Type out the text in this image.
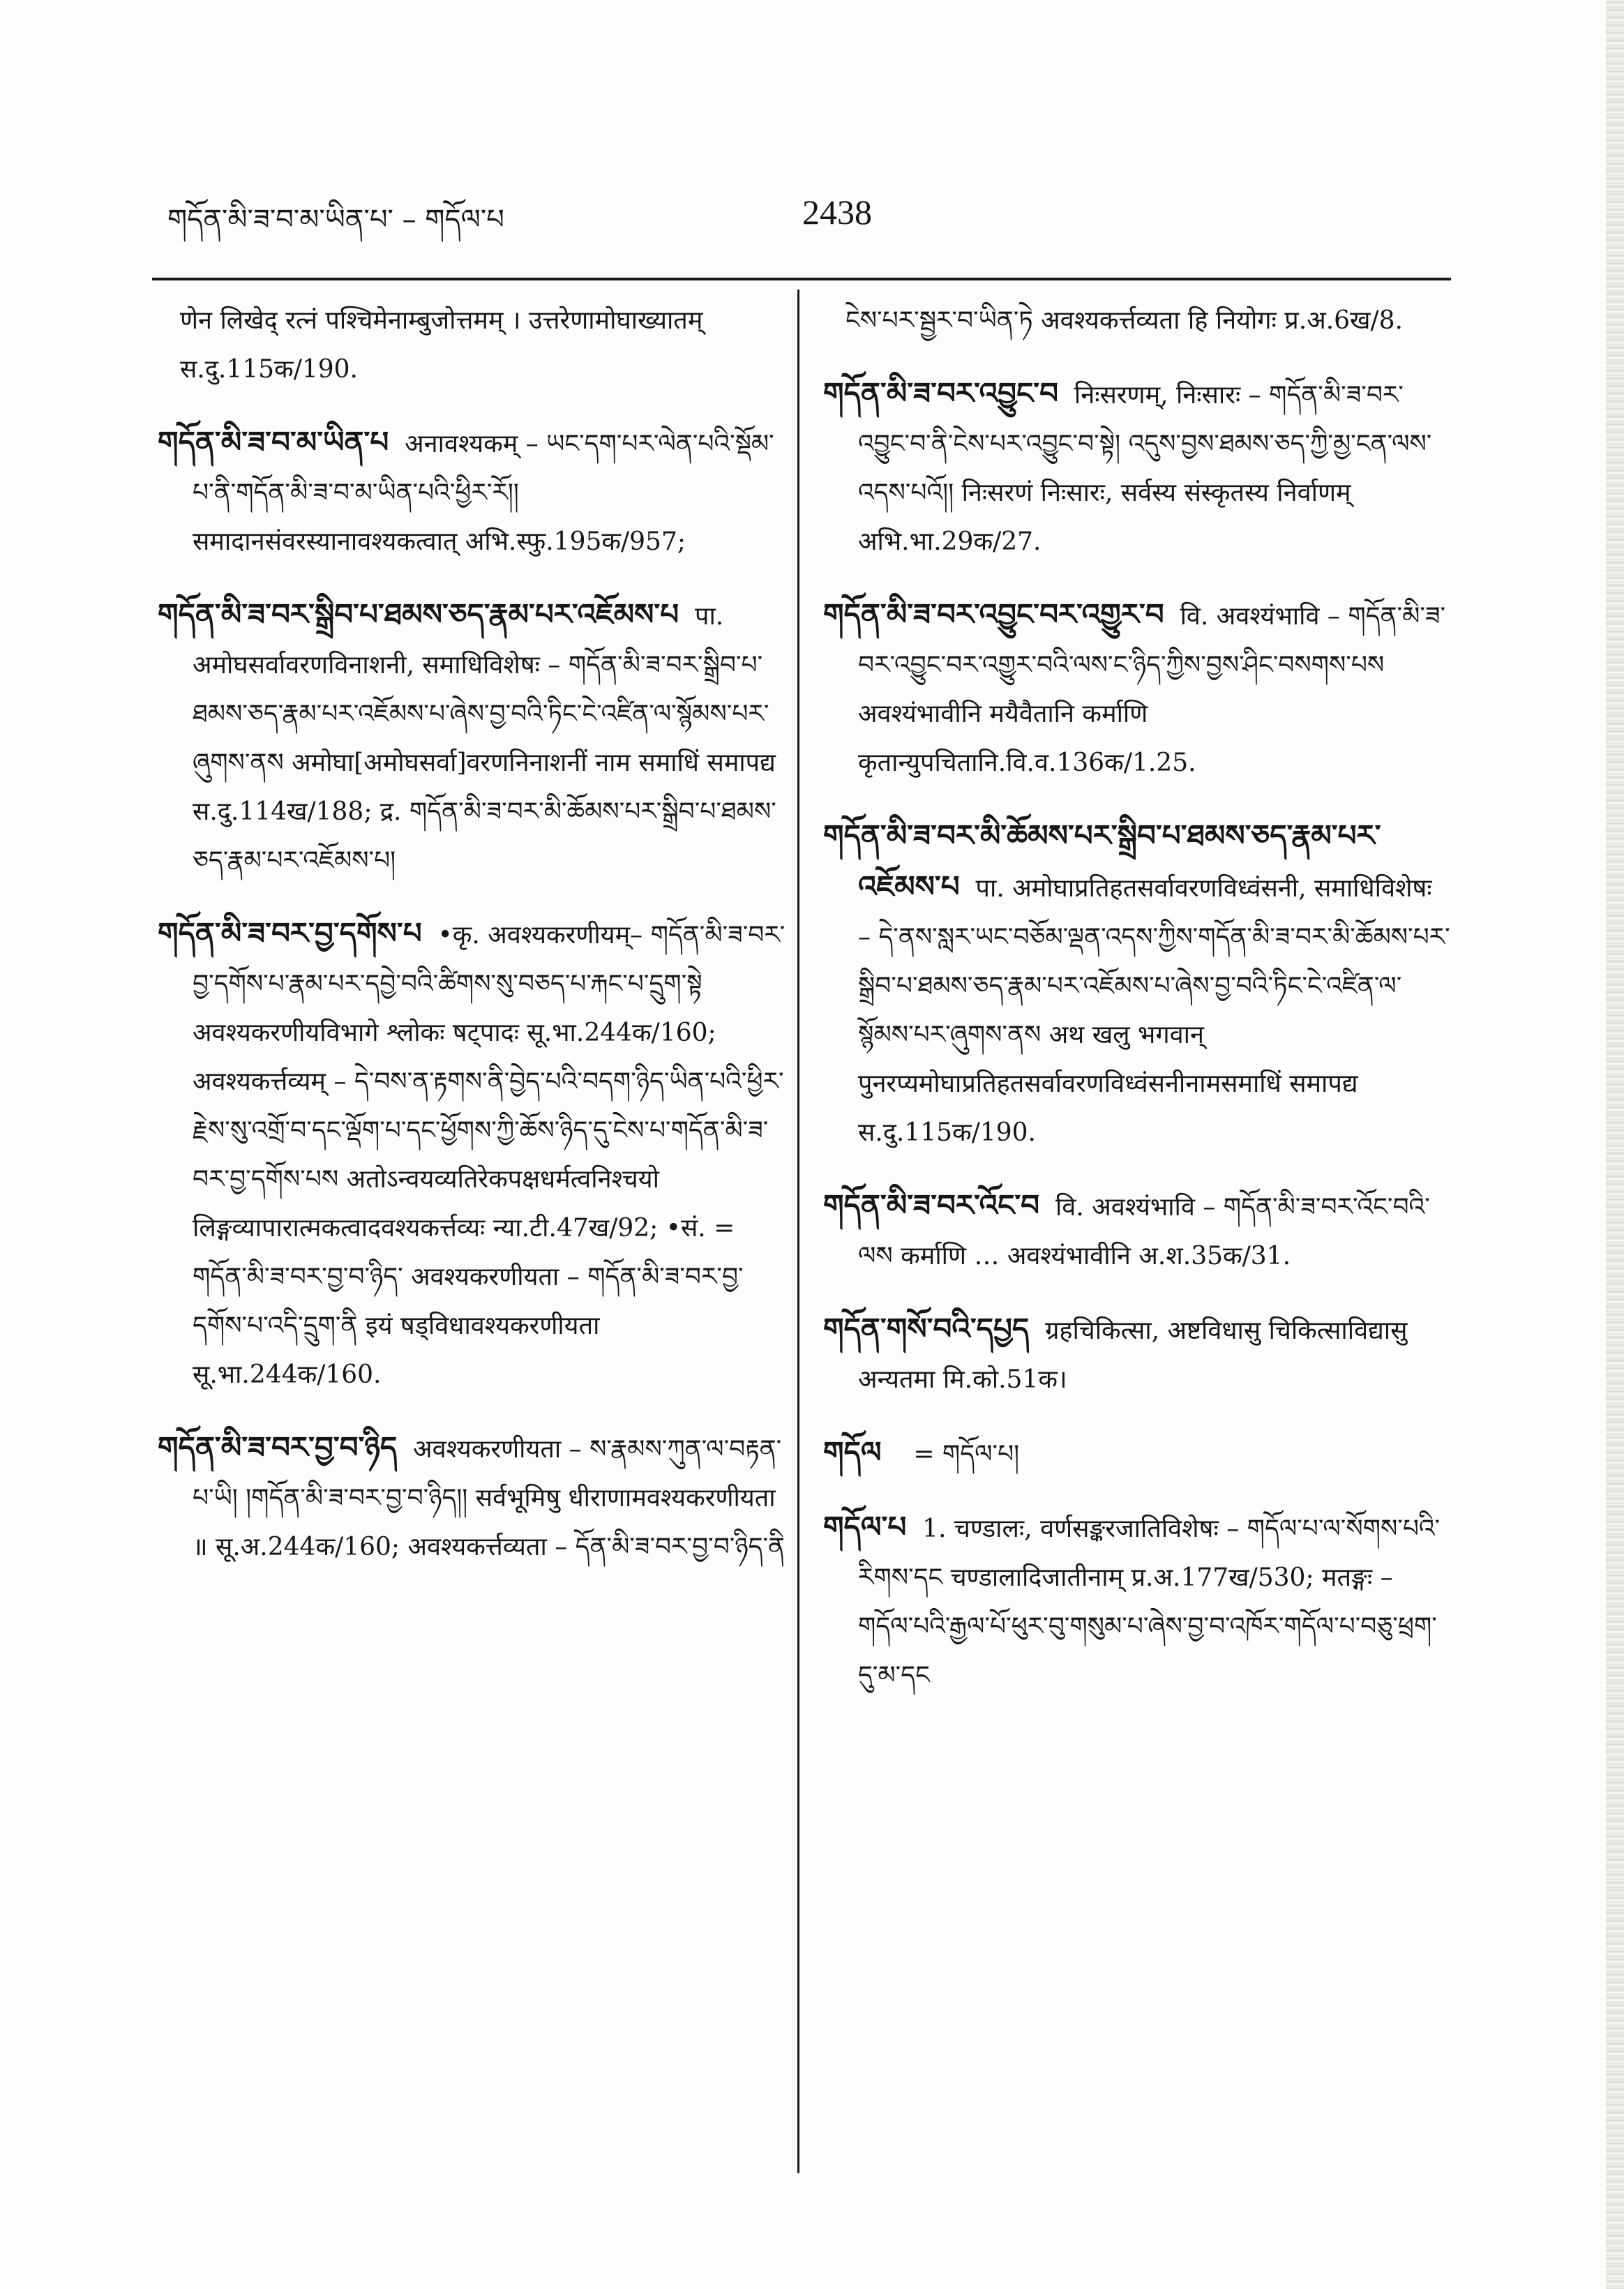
གདོན་མི་ཟ་བ་མ་ཡིན་པ་ – གདོལ་པ	2438

णेन लिखेद् रत्नं पश्चिमेनाम्बुजोत्तमम् । उत्तरेणामोघाख्यातम् स.दु.115क/190.

གདོན་མི་ཟ་བ་མ་ཡིན་པ अनावश्यकम् – ཡང་དག་པར་ལེན་པའི་སྡོམ་པ་ནི་གདོན་མི་ཟ་བ་མ་ཡིན་པའི་ཕྱིར་རོ།། समादानसंवरस्यानावश्यकत्वात् अभि.स्फु.195क/957;

གདོན་མི་ཟ་བར་སྒྲིབ་པ་ཐམས་ཅད་རྣམ་པར་འཇོམས་པ पा. अमोघसर्वावरणविनाशनी, समाधिविशेषः – གདོན་མི་ཟ་བར་སྒྲིབ་པ་ཐམས་ཅད་རྣམ་པར་འཇོམས་པ་ཞེས་བྱ་བའི་ཏིང་ངེ་འཛིན་ལ་སྙོམས་པར་ཞུགས་ནས अमोघा[अमोघसर्वा]वरणनिनाशनीं नाम समाधिं समापद्य स.दु.114ख/188; द्र. གདོན་མི་ཟ་བར་མི་ཆོམས་པར་སྒྲིབ་པ་ཐམས་ཅད་རྣམ་པར་འཇོམས་པ།

གདོན་མི་ཟ་བར་བྱ་དགོས་པ •कृ. अवश्यकरणीयम्– གདོན་མི་ཟ་བར་བྱ་དགོས་པ་རྣམ་པར་དབྱེ་བའི་ཚིགས་སུ་བཅད་པ་རྐང་པ་དྲུག་སྟེ अवश्यकरणीयविभागे श्लोकः षट्पादः सू.भा.244क/160; अवश्यकर्त्तव्यम् – དེ་བས་ན་རྟགས་ནི་བྱེད་པའི་བདག་ཉིད་ཡིན་པའི་ཕྱིར་རྗེས་སུ་འགྲོ་བ་དང་ལྡོག་པ་དང་ཕྱོགས་ཀྱི་ཆོས་ཉིད་དུ་ངེས་པ་གདོན་མི་ཟ་བར་བྱ་དགོས་པས अतोऽन्वयव्यतिरेकपक्षधर्मत्वनिश्चयो लिङ्गव्यापारात्मकत्वादवश्यकर्त्तव्यः न्या.टी.47ख/92; •सं. = གདོན་མི་ཟ་བར་བྱ་བ་ཉིད་ अवश्यकरणीयता – གདོན་མི་ཟ་བར་བྱ་དགོས་པ་འདི་དྲུག་ནི इयं षड्विधावश्यकरणीयता सू.भा.244क/160.

གདོན་མི་ཟ་བར་བྱ་བ་ཉིད अवश्यकरणीयता – ས་རྣམས་ཀུན་ལ་བརྟན་པ་ཡི། །གདོན་མི་ཟ་བར་བྱ་བ་ཉིད།། सर्वभूमिषु धीराणामवश्यकरणीयता ॥ सू.अ.244क/160; अवश्यकर्त्तव्यता – དོན་མི་ཟ་བར་བྱ་བ་ཉིད་ནི

ངེས་པར་སྦྱར་བ་ཡིན་ཏེ अवश्यकर्त्तव्यता हि नियोगः प्र.अ.6ख/8.

གདོན་མི་ཟ་བར་འབྱུང་བ निःसरणम्, निःसारः – གདོན་མི་ཟ་བར་འབྱུང་བ་ནི་ངེས་པར་འབྱུང་བ་སྟེ། འདུས་བྱས་ཐམས་ཅད་ཀྱི་མྱ་ངན་ལས་འདས་པའོ།། निःसरणं निःसारः, सर्वस्य संस्कृतस्य निर्वाणम् अभि.भा.29क/27.

གདོན་མི་ཟ་བར་འབྱུང་བར་འགྱུར་བ वि. अवश्यंभावि – གདོན་མི་ཟ་བར་འབྱུང་བར་འགྱུར་བའི་ལས་ང་ཉིད་ཀྱིས་བྱས་ཤིང་བསགས་པས अवश्यंभावीनि मयैवैतानि कर्माणि कृतान्युपचितानि.वि.व.136क/1.25.

གདོན་མི་ཟ་བར་མི་ཆོམས་པར་སྒྲིབ་པ་ཐམས་ཅད་རྣམ་པར་འཇོམས་པ पा. अमोघाप्रतिहतसर्वावरणविध्वंसनी, समाधिविशेषः – དེ་ནས་སླར་ཡང་བཅོམ་ལྡན་འདས་ཀྱིས་གདོན་མི་ཟ་བར་མི་ཆོམས་པར་སྒྲིབ་པ་ཐམས་ཅད་རྣམ་པར་འཇོམས་པ་ཞེས་བྱ་བའི་ཏིང་ངེ་འཛིན་ལ་སྙོམས་པར་ཞུགས་ནས अथ खलु भगवान् पुनरप्यमोघाप्रतिहतसर्वावरणविध्वंसनीनामसमाधिं समापद्य स.दु.115क/190.

གདོན་མི་ཟ་བར་འོང་བ वि. अवश्यंभावि – གདོན་མི་ཟ་བར་འོང་བའི་ལས कर्माणि … अवश्यंभावीनि अ.श.35क/31.

གདོན་གསོ་བའི་དཔྱད ग्रहचिकित्सा, अष्टविधासु चिकित्साविद्यासु अन्यतमा मि.को.51क।

གདོལ = གདོལ་པ།

གདོལ་པ 1. चण्डालः, वर्णसङ्करजातिविशेषः – གདོལ་པ་ལ་སོགས་པའི་རིགས་དང चण्डालादिजातीनाम् प्र.अ.177ख/530; मतङ्गः – གདོལ་པའི་རྒྱལ་པོ་ཕུར་བུ་གསུམ་པ་ཞེས་བྱ་བ་འཁོར་གདོལ་པ་བཅུ་ཕྲག་དུ་མ་དང
